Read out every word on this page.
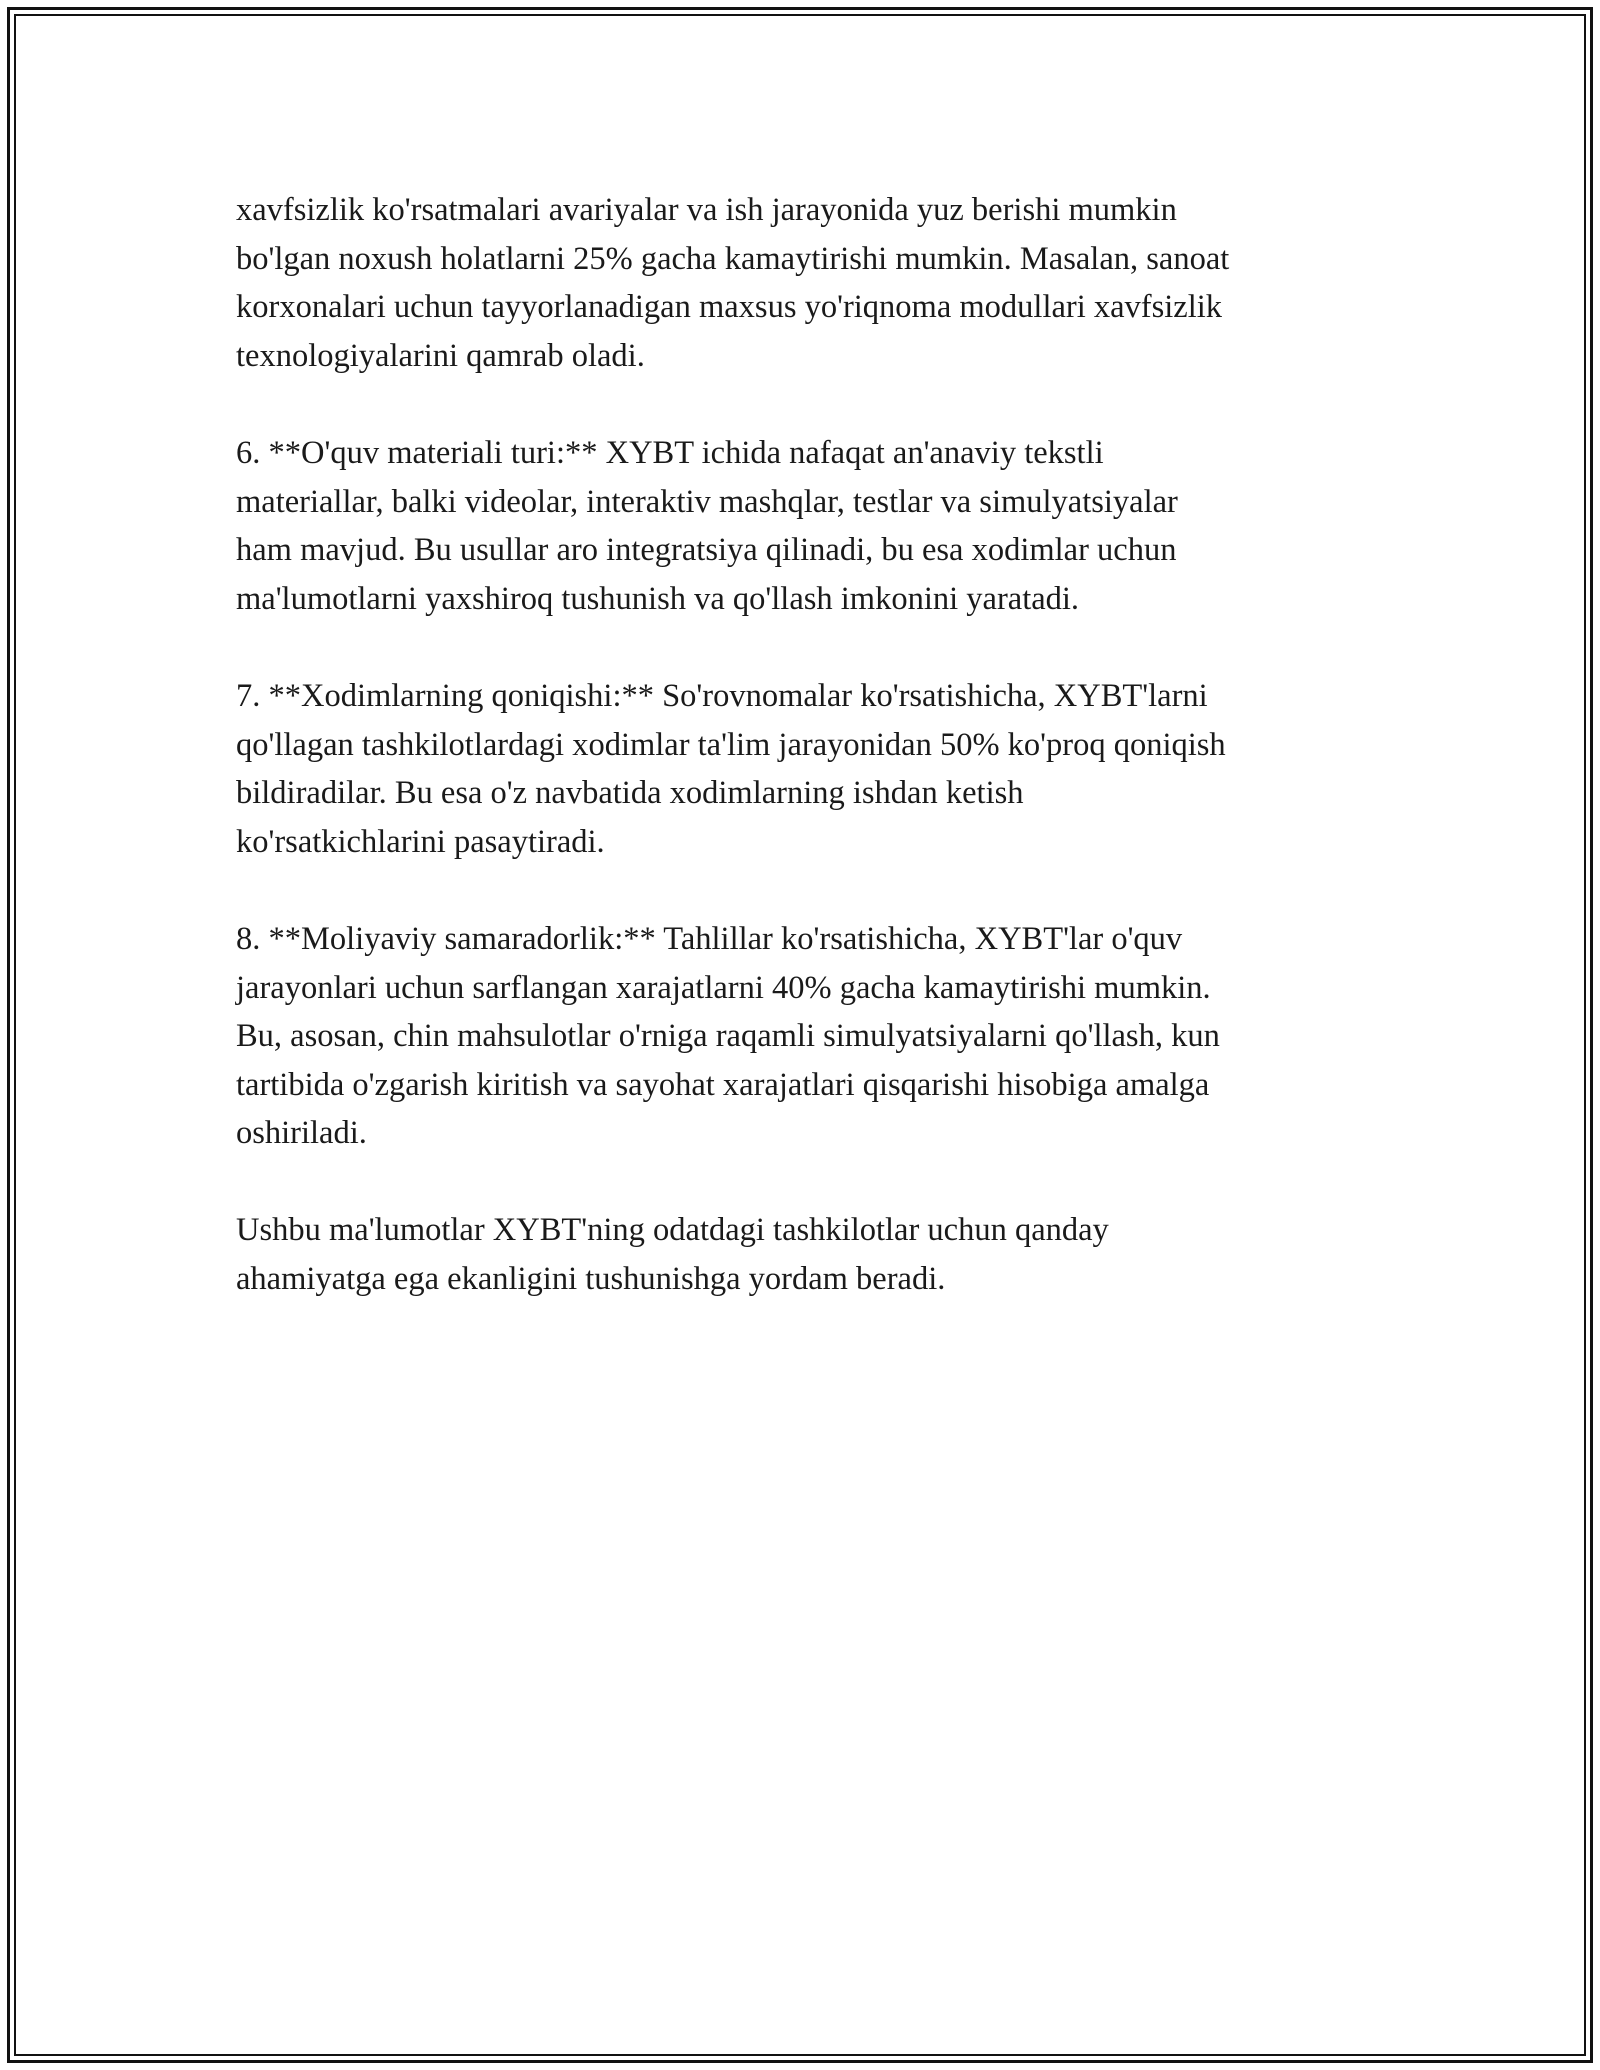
xavfsizlik ko'rsatmalari avariyalar va ish jarayonida yuz berishi mumkin
bo'lgan noxush holatlarni 25% gacha kamaytirishi mumkin. Masalan, sanoat
korxonalari uchun tayyorlanadigan maxsus yo'riqnoma modullari xavfsizlik
texnologiyalarini qamrab oladi.

6. **O'quv materiali turi:** XYBT ichida nafaqat an'anaviy tekstli
materiallar, balki videolar, interaktiv mashqlar, testlar va simulyatsiyalar
ham mavjud. Bu usullar aro integratsiya qilinadi, bu esa xodimlar uchun
ma'lumotlarni yaxshiroq tushunish va qo'llash imkonini yaratadi.

7. **Xodimlarning qoniqishi:** So'rovnomalar ko'rsatishicha, XYBT'larni
qo'llagan tashkilotlardagi xodimlar ta'lim jarayonidan 50% ko'proq qoniqish
bildiradilar. Bu esa o'z navbatida xodimlarning ishdan ketish
ko'rsatkichlarini pasaytiradi.

8. **Moliyaviy samaradorlik:** Tahlillar ko'rsatishicha, XYBT'lar o'quv
jarayonlari uchun sarflangan xarajatlarni 40% gacha kamaytirishi mumkin.
Bu, asosan, chin mahsulotlar o'rniga raqamli simulyatsiyalarni qo'llash, kun
tartibida o'zgarish kiritish va sayohat xarajatlari qisqarishi hisobiga amalga
oshiriladi.

Ushbu ma'lumotlar XYBT'ning odatdagi tashkilotlar uchun qanday
ahamiyatga ega ekanligini tushunishga yordam beradi.
